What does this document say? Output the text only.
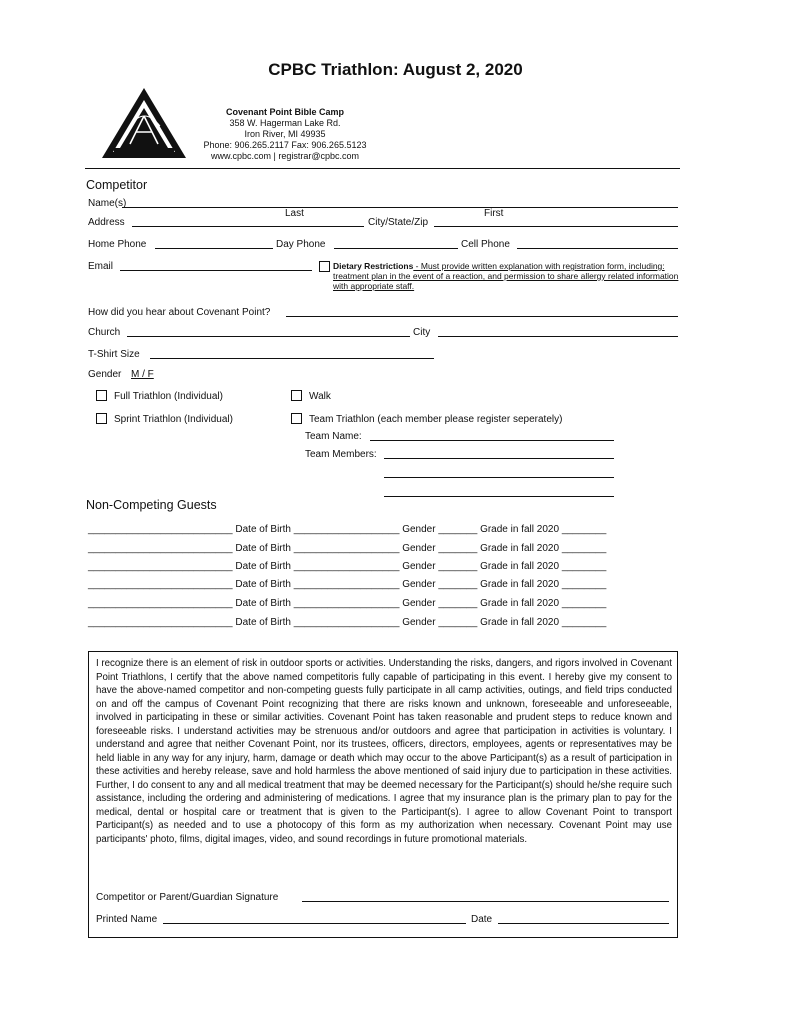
CPBC Triathlon: August 2, 2020
Covenant Point Bible Camp
358 W. Hagerman Lake Rd.
Iron River, MI 49935
Phone: 906.265.2117 Fax: 906.265.5123
www.cpbc.com | registrar@cpbc.com
Competitor
Name(s)
Last	First
Address	City/State/Zip
Home Phone	Day Phone	Cell Phone
Email	Dietary Restrictions - Must provide written explanation with registration form, including: treatment plan in the event of a reaction, and permission to share allergy related information with appropriate staff.
How did you hear about Covenant Point?
Church	City
T-Shirt Size
Gender M / F
Full Triathlon (Individual)	Walk
Sprint Triathlon (Individual)	Team Triathlon (each member please register seperately)
Team Name:
Team Members:
Non-Competing Guests
__________________________ Date of Birth ___________________ Gender _______ Grade in fall 2020 ________
__________________________ Date of Birth ___________________ Gender _______ Grade in fall 2020 ________
__________________________ Date of Birth ___________________ Gender _______ Grade in fall 2020 ________
__________________________ Date of Birth ___________________ Gender _______ Grade in fall 2020 ________
__________________________ Date of Birth ___________________ Gender _______ Grade in fall 2020 ________
__________________________ Date of Birth ___________________ Gender _______ Grade in fall 2020 ________
I recognize there is an element of risk in outdoor sports or activities. Understanding the risks, dangers, and rigors involved in Covenant Point Triathlons, I certify that the above named competitoris fully capable of participating in this event. I hereby give my consent to have the above-named competitor and non-competing guests fully participate in all camp activities, outings, and field trips conducted on and off the campus of Covenant Point recognizing that there are risks known and unknown, foreseeable and unforeseeable, involved in participating in these or similar activities. Covenant Point has taken reasonable and prudent steps to reduce known and foreseeable risks. I understand activities may be strenuous and/or outdoors and agree that participation in activities is voluntary. I understand and agree that neither Covenant Point, nor its trustees, officers, directors, employees, agents or representatives may be held liable in any way for any injury, harm, damage or death which may occur to the above Participant(s) as a result of participation in these activities and hereby release, save and hold harmless the above mentioned of said injury due to participation in these activities. Further, I do consent to any and all medical treatment that may be deemed necessary for the Participant(s) should he/she require such assistance, including the ordering and administering of medications. I agree that my insurance plan is the primary plan to pay for the medical, dental or hospital care or treatment that is given to the Participant(s). I agree to allow Covenant Point to transport Participant(s) as needed and to use a photocopy of this form as my authorization when necessary. Covenant Point may use participants' photo, films, digital images, video, and sound recordings in future promotional materials.
Competitor or Parent/Guardian Signature
Printed Name	Date
